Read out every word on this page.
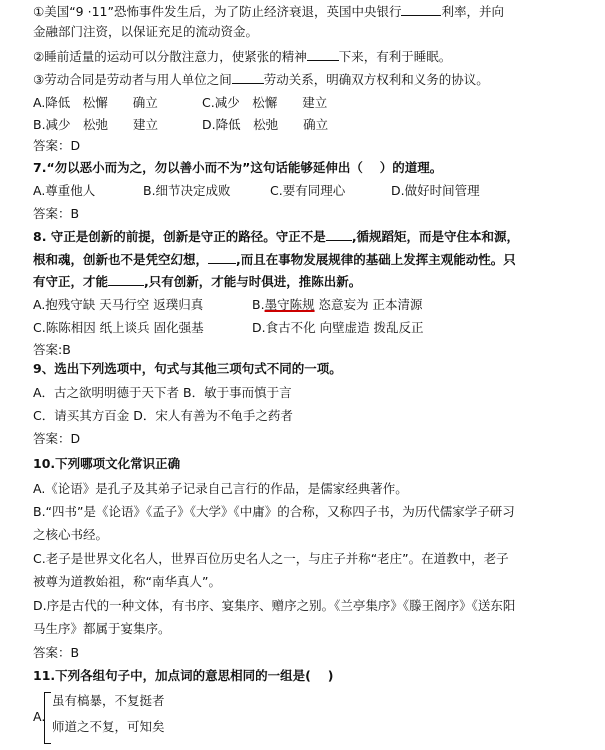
①美国“9 ·11”恐怖事件发生后，为了防止经济衰退，英国中央银行	利率，并向
金融部门注资，以保证充足的流动资金。
②睡前适量的运动可以分散注意力，使紧张的精神	下来，有利于睡眠。
③劳动合同是劳动者与用人单位之间	劳动关系，明确双方权利和义务的协议。
A.降低　松懈　　确立	C.减少　松懈　　建立
B.减少　松弛　　建立	D.降低　松弛　　确立
答案：D
7.“勿以恶小而为之，勿以善小而不为”这句话能够延伸出（　 ）的道理。
A.尊重他人	B.细节决定成败	C.要有同理心	D.做好时间管理
答案：B
8. 守正是创新的前提，创新是守正的路径。守正不是 ,循规蹈矩，而是守住本和源，
根和魂，创新也不是凭空幻想， ,而且在事物发展规律的基础上发挥主观能动性。只
有守正，才能	,只有创新，才能与时俱进，推陈出新。
A.抱残守缺 天马行空 返璞归真	B.墨守陈规 恣意妄为 正本清源
C.陈陈相因 纸上谈兵 固化强基	D.食古不化 向壁虚造 拨乱反正
答案:B
9、选出下列选项中，句式与其他三项句式不同的一项。
A．古之欲明明德于天下者 B．敏于事而慎于言
C．请买其方百金 D．宋人有善为不龟手之药者
答案：D
10.下列哪项文化常识正确
A.《论语》是孔子及其弟子记录自己言行的作品，是儒家经典著作。
B.“四书”是《论语》《孟子》《大学》《中庸》的合称，又称四子书，为历代儒家学子研习
之核心书经。
C.老子是世界文化名人，世界百位历史名人之一，与庄子并称“老庄”。在道教中，老子
被尊为道教始祖，称“南华真人”。
D.序是古代的一种文体，有书序、宴集序、赠序之别。《兰亭集序》《滕王阁序》《送东阳
马生序》都属于宴集序。
答案：B
11.下列各组句子中，加点词的意思相同的一组是(　 )
A.
虽有槁暴，不复挺者
师道之不复，可知矣
